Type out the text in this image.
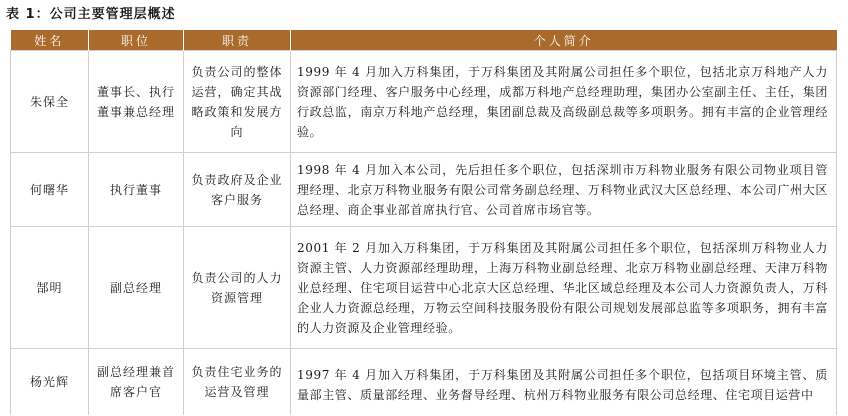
表 1：公司主要管理层概述
姓名	职位	职责	个人简介
朱保全	董事长、执行董事兼总经理	负责公司的整体运营，确定其战略政策和发展方向	1999 年 4 月加入万科集团，于万科集团及其附属公司担任多个职位，包括北京万科地产人力资源部门经理、客户服务中心经理，成都万科地产总经理助理，集团办公室副主任、主任，集团行政总监，南京万科地产总经理，集团副总裁及高级副总裁等多项职务。拥有丰富的企业管理经验。
何曙华	执行董事	负责政府及企业客户服务	1998 年 4 月加入本公司，先后担任多个职位，包括深圳市万科物业服务有限公司物业项目管理经理、北京万科物业服务有限公司常务副总经理、万科物业武汉大区总经理、本公司广州大区总经理、商企事业部首席执行官、公司首席市场官等。
郜明	副总经理	负责公司的人力资源管理	2001 年 2 月加入万科集团，于万科集团及其附属公司担任多个职位，包括深圳万科物业人力资源主管、人力资源部经理助理，上海万科物业副总经理、北京万科物业副总经理、天津万科物业总经理、住宅项目运营中心北京大区总经理、华北区域总经理及本公司人力资源负责人，万科企业人力资源总经理，万物云空间科技服务股份有限公司规划发展部总监等多项职务，拥有丰富的人力资源及企业管理经验。
杨光辉	副总经理兼首席客户官	负责住宅业务的运营及管理	1997 年 4 月加入万科集团，于万科集团及其附属公司担任多个职位，包括项目环境主管、质量部主管、质量部经理、业务督导经理、杭州万科物业服务有限公司总经理、住宅项目运营中
